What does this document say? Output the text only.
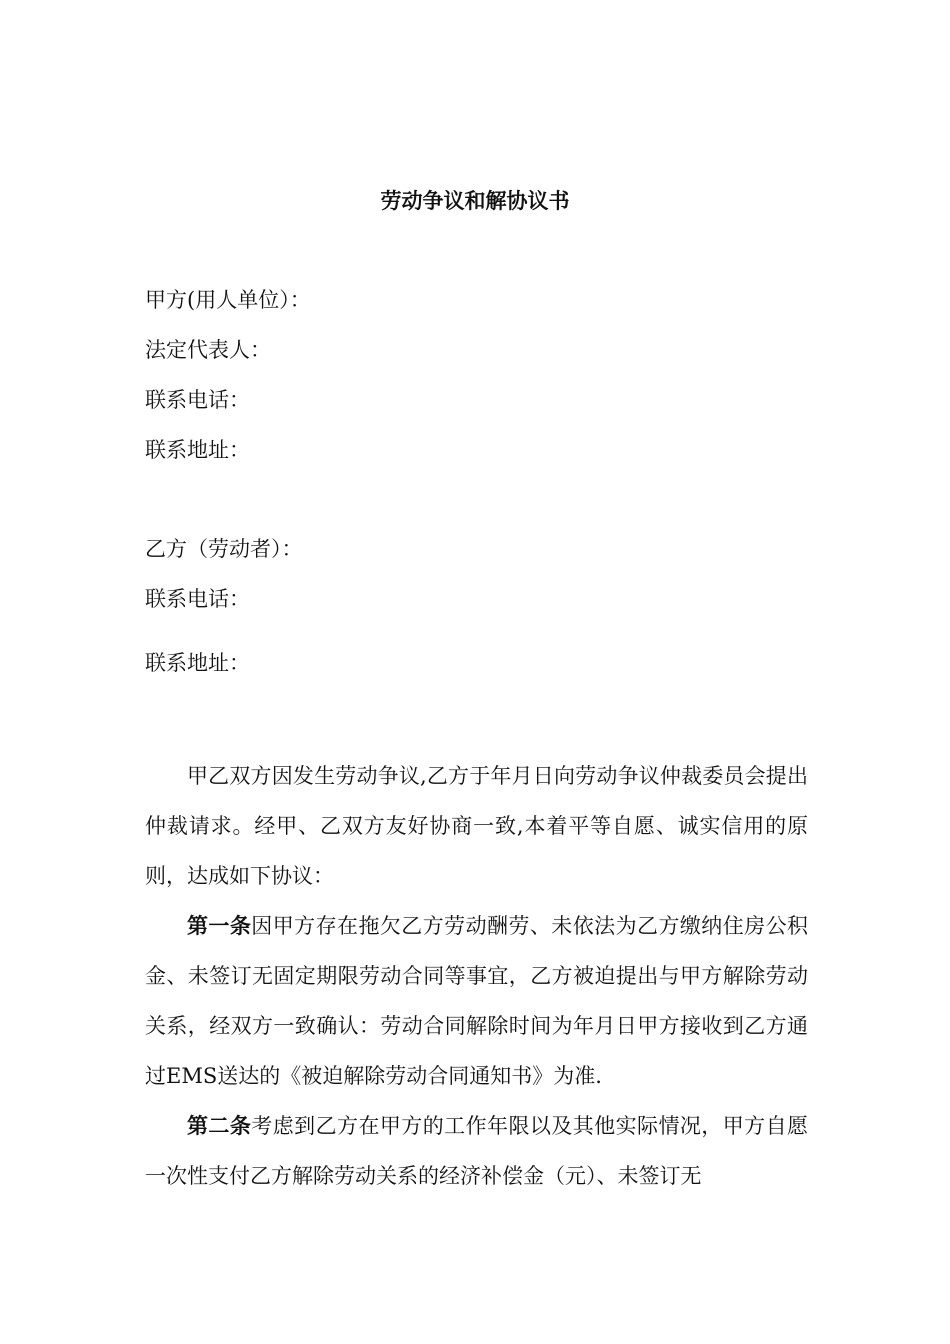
劳动争议和解协议书
甲方(用人单位）：
法定代表人：
联系电话：
联系地址：
乙方（劳动者）：
联系电话：
联系地址：
甲乙双方因发生劳动争议,乙方于年月日向劳动争议仲裁委员会提出仲裁请求。经甲、乙双方友好协商一致,本着平等自愿、诚实信用的原则，达成如下协议：
第一条因甲方存在拖欠乙方劳动酬劳、未依法为乙方缴纳住房公积金、未签订无固定期限劳动合同等事宜，乙方被迫提出与甲方解除劳动关系，经双方一致确认：劳动合同解除时间为年月日甲方接收到乙方通过EMS送达的《被迫解除劳动合同通知书》为准.
第二条考虑到乙方在甲方的工作年限以及其他实际情况，甲方自愿一次性支付乙方解除劳动关系的经济补偿金（元）、未签订无
